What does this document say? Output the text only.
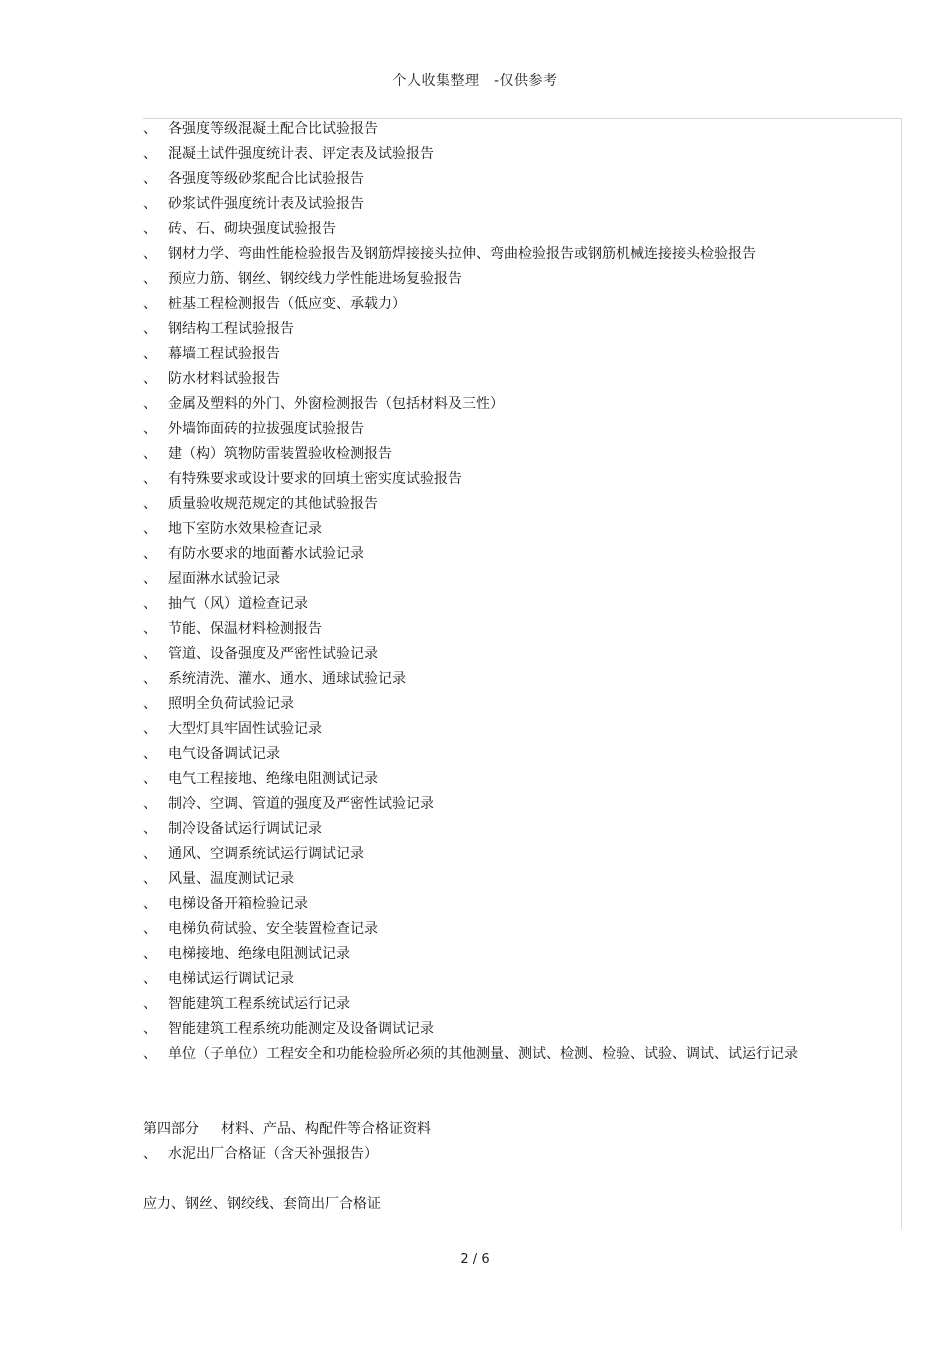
个人收集整理　-仅供参考
、 各强度等级混凝土配合比试验报告
、 混凝土试件强度统计表、评定表及试验报告
、 各强度等级砂浆配合比试验报告
、 砂浆试件强度统计表及试验报告
、 砖、石、砌块强度试验报告
、 钢材力学、弯曲性能检验报告及钢筋焊接接头拉伸、弯曲检验报告或钢筋机械连接接头检验报告
、 预应力筋、钢丝、钢绞线力学性能进场复验报告
、 桩基工程检测报告（低应变、承载力）
、 钢结构工程试验报告
、 幕墙工程试验报告
、 防水材料试验报告
、 金属及塑料的外门、外窗检测报告（包括材料及三性）
、 外墙饰面砖的拉拔强度试验报告
、 建（构）筑物防雷装置验收检测报告
、 有特殊要求或设计要求的回填土密实度试验报告
、 质量验收规范规定的其他试验报告
、 地下室防水效果检查记录
、 有防水要求的地面蓄水试验记录
、 屋面淋水试验记录
、 抽气（风）道检查记录
、 节能、保温材料检测报告
、 管道、设备强度及严密性试验记录
、 系统清洗、灌水、通水、通球试验记录
、 照明全负荷试验记录
、 大型灯具牢固性试验记录
、 电气设备调试记录
、 电气工程接地、绝缘电阻测试记录
、 制冷、空调、管道的强度及严密性试验记录
、 制冷设备试运行调试记录
、 通风、空调系统试运行调试记录
、 风量、温度测试记录
、 电梯设备开箱检验记录
、 电梯负荷试验、安全装置检查记录
、 电梯接地、绝缘电阻测试记录
、 电梯试运行调试记录
、 智能建筑工程系统试运行记录
、 智能建筑工程系统功能测定及设备调试记录
、 单位（子单位）工程安全和功能检验所必须的其他测量、测试、检测、检验、试验、调试、试运行记录
第四部分 材料、产品、构配件等合格证资料
、 水泥出厂合格证（含天补强报告）
应力、钢丝、钢绞线、套筒出厂合格证
2 / 6
